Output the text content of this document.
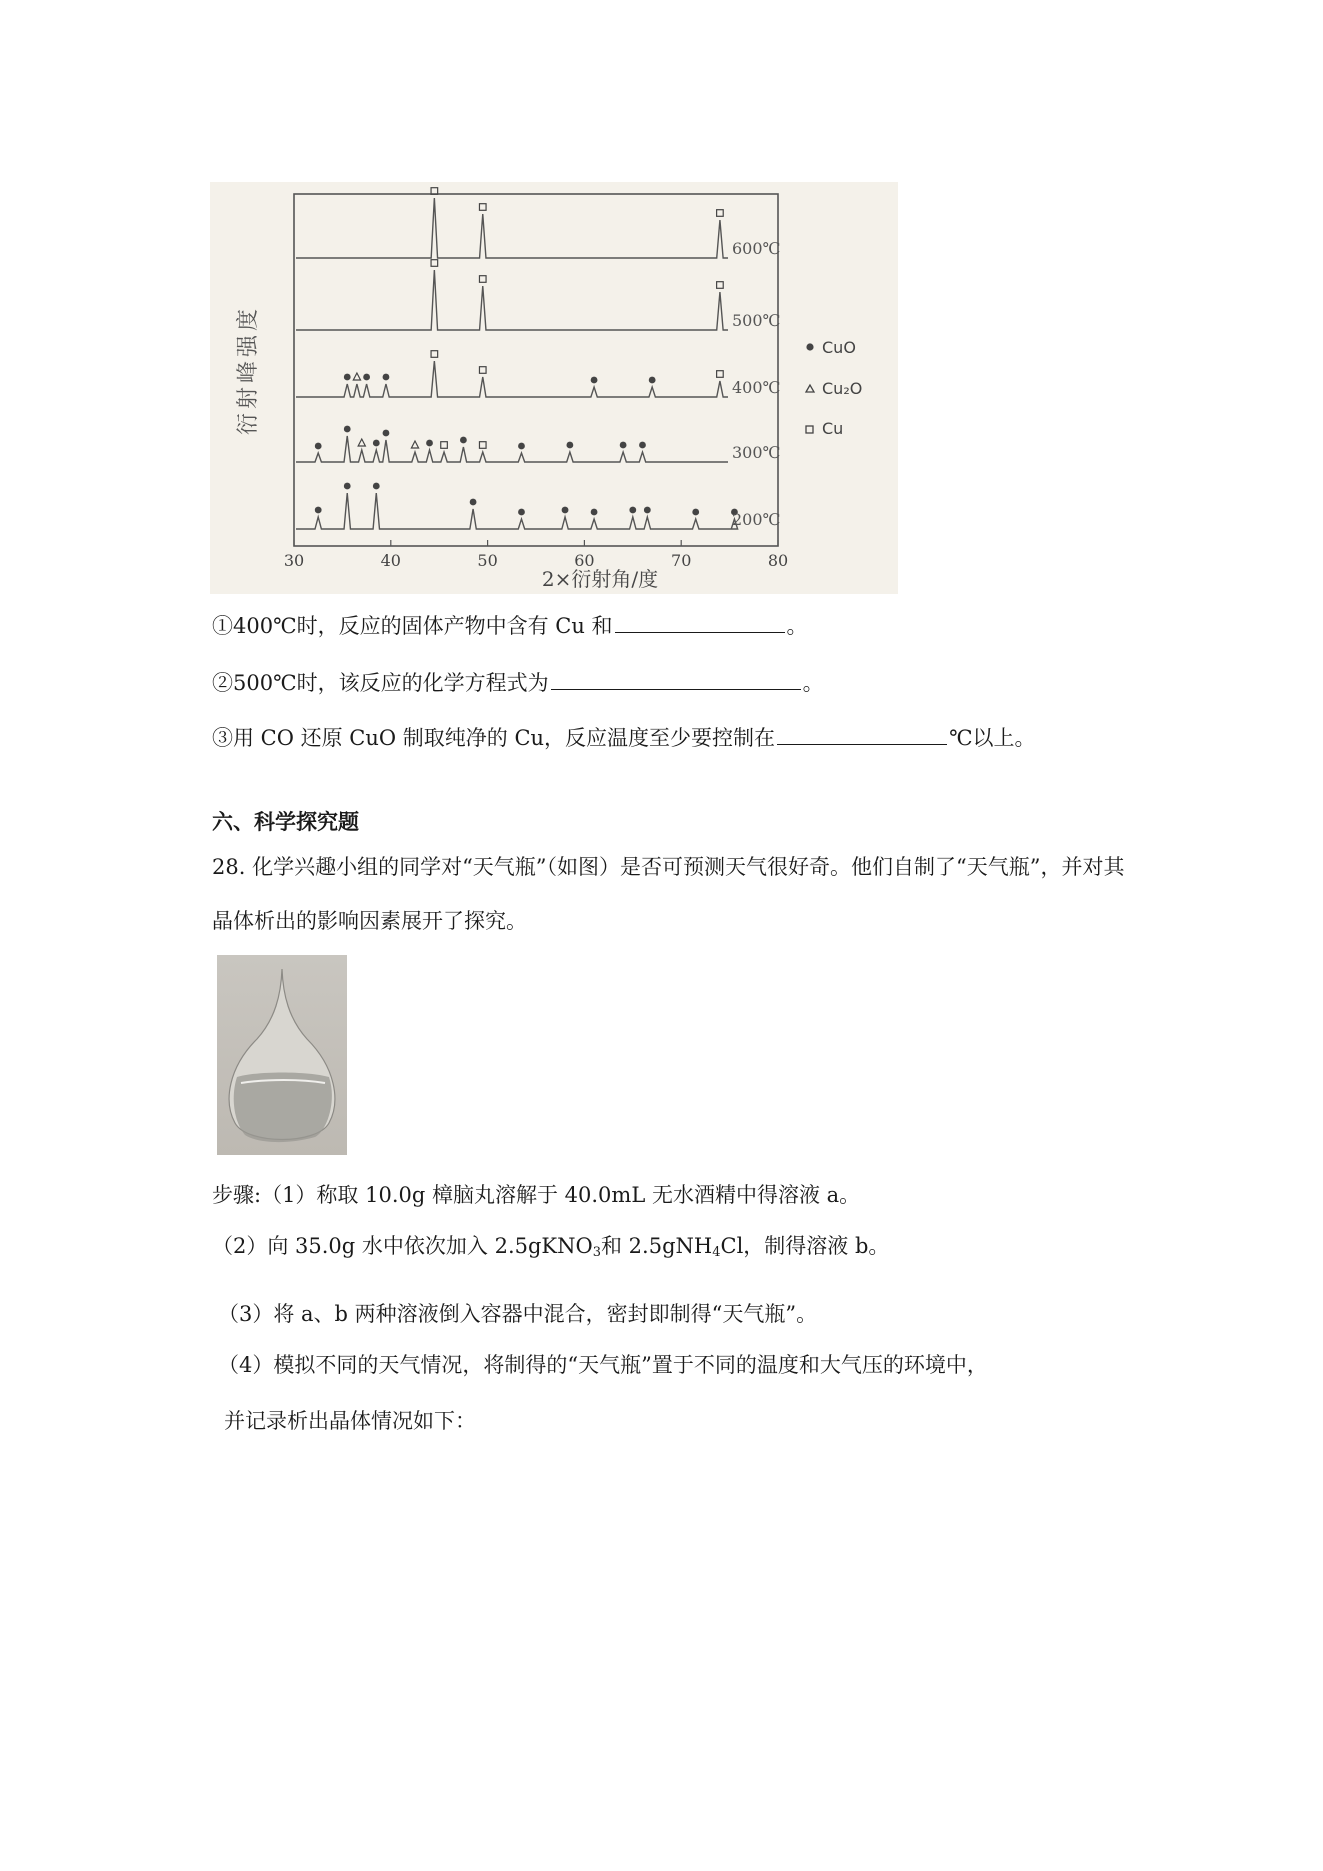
600℃
500℃
400℃
300℃
200℃
30	40	50	60	70	80
衍射峰强度
2×衍射角/度
CuO
Cu₂O
Cu
①400℃时，反应的固体产物中含有 Cu 和	。
②500℃时，该反应的化学方程式为	。
③用 CO 还原 CuO 制取纯净的 Cu，反应温度至少要控制在	℃以上。
六、科学探究题
28. 化学兴趣小组的同学对“天气瓶”（如图）是否可预测天气很好奇。他们自制了“天气瓶”，并对其晶体析出的影响因素展开了探究。
步骤:（1）称取 10.0g 樟脑丸溶解于 40.0mL 无水酒精中得溶液 a。
（2）向 35.0g 水中依次加入 2.5gKNO$_3$和 2.5gNH$_4$Cl，制得溶液 b。
（3）将 a、b 两种溶液倒入容器中混合，密封即制得“天气瓶”。
（4）模拟不同的天气情况，将制得的“天气瓶”置于不同的温度和大气压的环境中，
并记录析出晶体情况如下：
